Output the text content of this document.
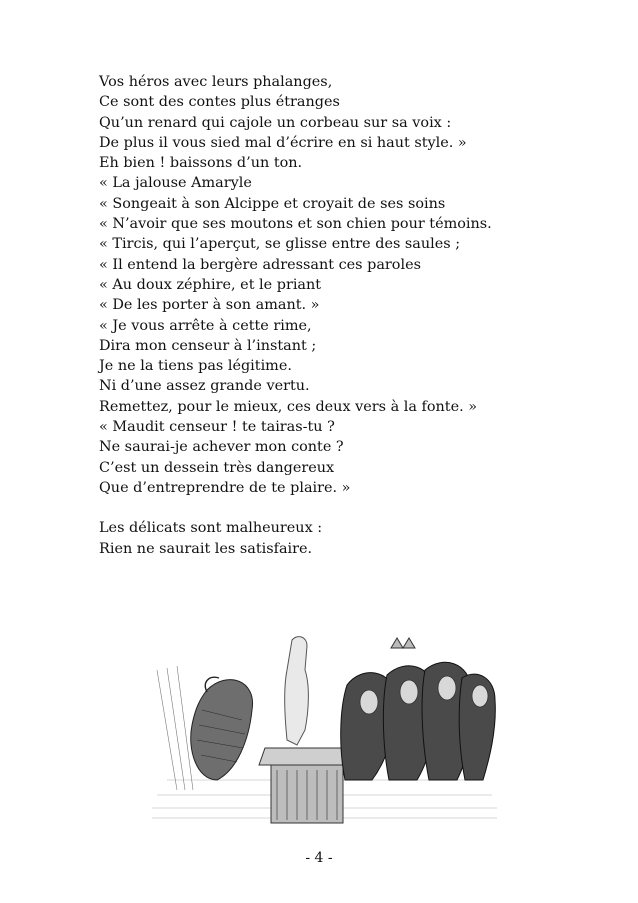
Vos héros avec leurs phalanges,
Ce sont des contes plus étranges
Qu’un renard qui cajole un corbeau sur sa voix :
De plus il vous sied mal d’écrire en si haut style. »
Eh bien ! baissons d’un ton.
« La jalouse Amaryle
« Songeait à son Alcippe et croyait de ses soins
« N’avoir que ses moutons et son chien pour témoins.
« Tircis, qui l’aperçut, se glisse entre des saules ;
« Il entend la bergère adressant ces paroles
« Au doux zéphire, et le priant
« De les porter à son amant. »
« Je vous arrête à cette rime,
Dira mon censeur à l’instant ;
Je ne la tiens pas légitime.
Ni d’une assez grande vertu.
Remettez, pour le mieux, ces deux vers à la fonte. »
« Maudit censeur ! te tairas-tu ?
Ne saurai-je achever mon conte ?
C’est un dessein très dangereux
Que d’entreprendre de te plaire. »
Les délicats sont malheureux :
Rien ne saurait les satisfaire.
- 4 -
